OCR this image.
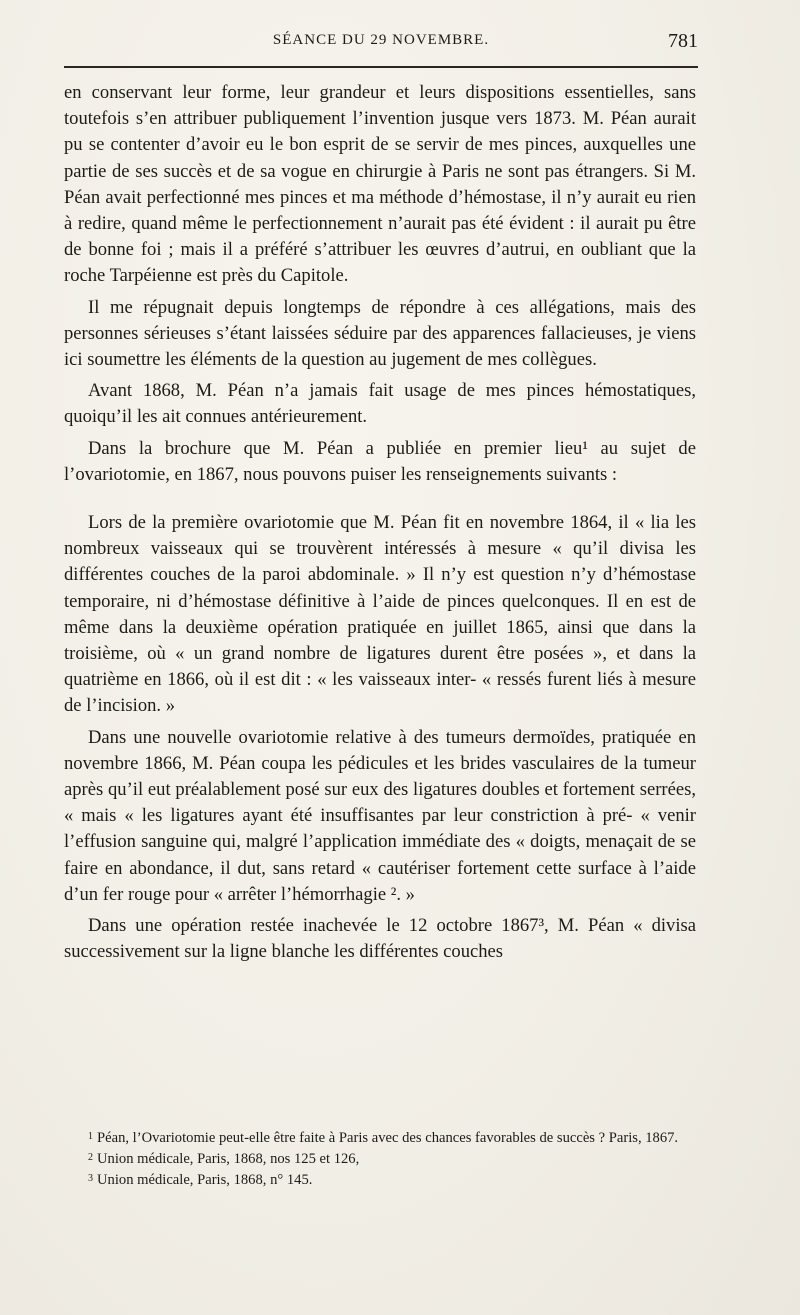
SÉANCE DU 29 NOVEMBRE.	781

en conservant leur forme, leur grandeur et leurs dispositions essentielles, sans toutefois s’en attribuer publiquement l’invention jusque vers 1873. M. Péan aurait pu se contenter d’avoir eu le bon esprit de se servir de mes pinces, auxquelles une partie de ses succès et de sa vogue en chirurgie à Paris ne sont pas étrangers. Si M. Péan avait perfectionné mes pinces et ma méthode d’hémostase, il n’y aurait eu rien à redire, quand même le perfectionnement n’aurait pas été évident : il aurait pu être de bonne foi ; mais il a préféré s’attribuer les œuvres d’autrui, en oubliant que la roche Tarpéienne est près du Capitole.

Il me répugnait depuis longtemps de répondre à ces allégations, mais des personnes sérieuses s’étant laissées séduire par des apparences fallacieuses, je viens ici soumettre les éléments de la question au jugement de mes collègues.

Avant 1868, M. Péan n’a jamais fait usage de mes pinces hémostatiques, quoiqu’il les ait connues antérieurement.

Dans la brochure que M. Péan a publiée en premier lieu¹ au sujet de l’ovariotomie, en 1867, nous pouvons puiser les renseignements suivants :

Lors de la première ovariotomie que M. Péan fit en novembre 1864, il « lia les nombreux vaisseaux qui se trouvèrent intéressés à mesure « qu’il divisa les différentes couches de la paroi abdominale. » Il n’y est question n’y d’hémostase temporaire, ni d’hémostase définitive à l’aide de pinces quelconques. Il en est de même dans la deuxième opération pratiquée en juillet 1865, ainsi que dans la troisième, où « un grand nombre de ligatures durent être posées », et dans la quatrième en 1866, où il est dit : « les vaisseaux inter- « ressés furent liés à mesure de l’incision. »

Dans une nouvelle ovariotomie relative à des tumeurs dermoïdes, pratiquée en novembre 1866, M. Péan coupa les pédicules et les brides vasculaires de la tumeur après qu’il eut préalablement posé sur eux des ligatures doubles et fortement serrées, « mais « les ligatures ayant été insuffisantes par leur constriction à pré- « venir l’effusion sanguine qui, malgré l’application immédiate des « doigts, menaçait de se faire en abondance, il dut, sans retard « cautériser fortement cette surface à l’aide d’un fer rouge pour « arrêter l’hémorrhagie ². »

Dans une opération restée inachevée le 12 octobre 1867³, M. Péan « divisa successivement sur la ligne blanche les différentes couches

$^1$ Péan, l’Ovariotomie peut-elle être faite à Paris avec des chances favorables de succès ? Paris, 1867.

$^2$ Union médicale, Paris, 1868, nos 125 et 126,

$^3$ Union médicale, Paris, 1868, n° 145.
